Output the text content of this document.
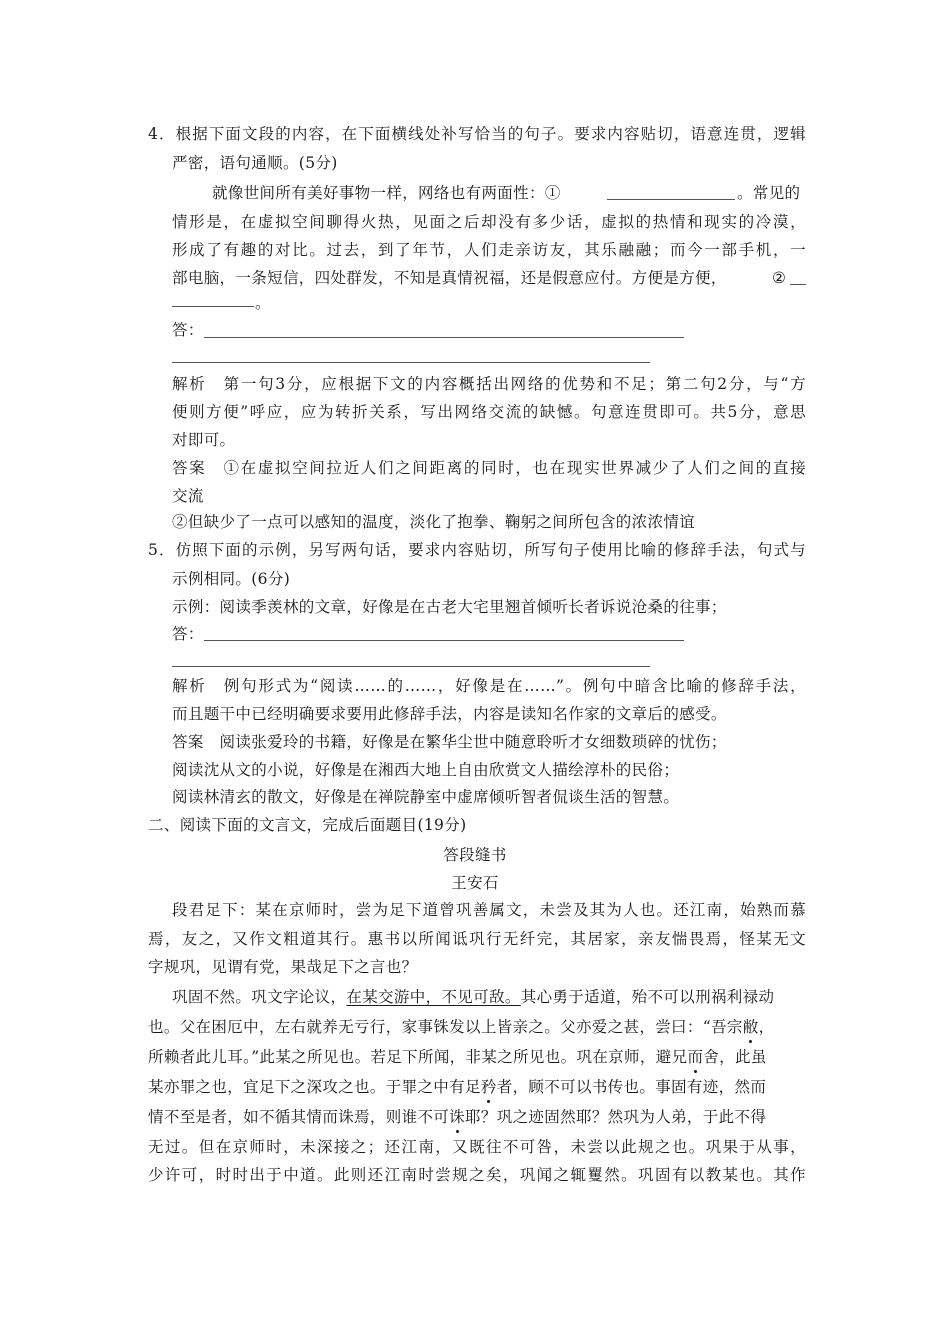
4．根据下面文段的内容，在下面横线处补写恰当的句子。要求内容贴切，语意连贯，逻辑
严密，语句通顺。(5分)
就像世间所有美好事物一样，网络也有两面性：①	。常见的
情形是，在虚拟空间聊得火热，见面之后却没有多少话，虚拟的热情和现实的冷漠，
形成了有趣的对比。过去，到了年节，人们走亲访友，其乐融融；而今一部手机，一
部电脑，一条短信，四处群发，不知是真情祝福，还是假意应付。方便是方便，	②
。
答：
解析　第一句3分，应根据下文的内容概括出网络的优势和不足；第二句2分，与“方
便则方便”呼应，应为转折关系，写出网络交流的缺憾。句意连贯即可。共5分，意思
对即可。
答案　①在虚拟空间拉近人们之间距离的同时，也在现实世界减少了人们之间的直接
交流
②但缺少了一点可以感知的温度，淡化了抱拳、鞠躬之间所包含的浓浓情谊
5．仿照下面的示例，另写两句话，要求内容贴切，所写句子使用比喻的修辞手法，句式与
示例相同。(6分)
示例：阅读季羡林的文章，好像是在古老大宅里翘首倾听长者诉说沧桑的往事；
答：
解析　例句形式为“阅读……的……，好像是在……”。例句中暗含比喻的修辞手法，
而且题干中已经明确要求要用此修辞手法，内容是读知名作家的文章后的感受。
答案　阅读张爱玲的书籍，好像是在繁华尘世中随意聆听才女细数琐碎的忧伤；
阅读沈从文的小说，好像是在湘西大地上自由欣赏文人描绘淳朴的民俗；
阅读林清玄的散文，好像是在禅院静室中虚席倾听智者侃谈生活的智慧。
二、阅读下面的文言文，完成后面题目(19分)
答段缝书
王安石
段君足下：某在京师时，尝为足下道曾巩善属文，未尝及其为人也。还江南，始熟而慕
焉，友之，又作文粗道其行。惠书以所闻诋巩行无纤完，其居家，亲友惴畏焉，怪某无文
字规巩，见谓有党，果哉足下之言也？
巩固不然。巩文字论议，在某交游中，不见可敌。其心勇于适道，殆不可以刑祸利禄动
也。父在困厄中，左右就养无亏行，家事铢发以上皆亲之。父亦爱之甚，尝曰：“吾宗敝，
所赖者此儿耳。”此某之所见也。若足下所闻，非某之所见也。巩在京师，避兄而舍，此虽
某亦罪之也，宜足下之深攻之也。于罪之中有足矜者，顾不可以书传也。事固有迹，然而
情不至是者，如不循其情而诛焉，则谁不可诛耶？巩之迹固然耶？然巩为人弟，于此不得
无过。但在京师时，未深接之；还江南，又既往不可咎，未尝以此规之也。巩果于从事，
少许可，时时出于中道。此则还江南时尝规之矣，巩闻之辄矍然。巩固有以教某也。其作
